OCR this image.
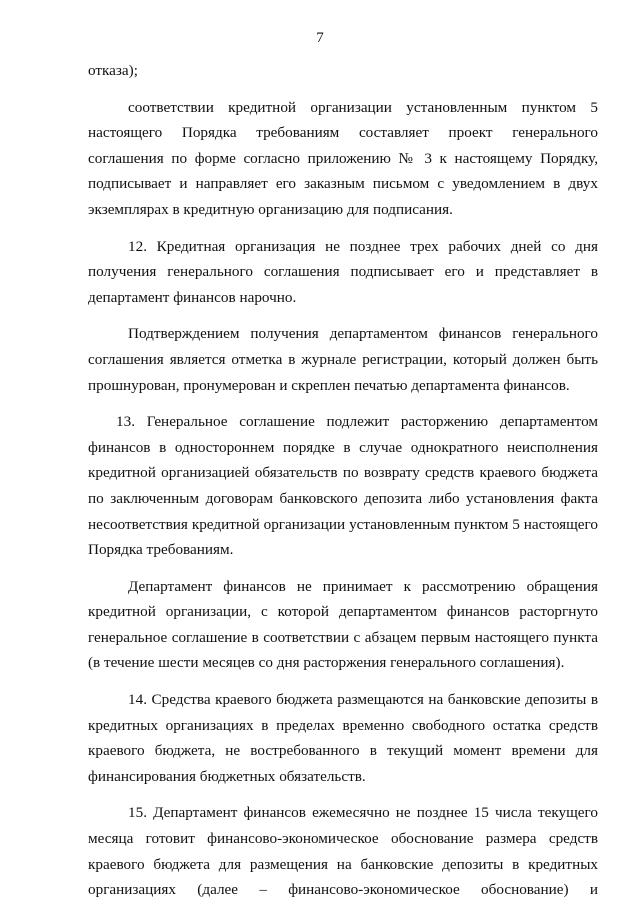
7

отказа);

соответствии кредитной организации установленным пунктом 5 настоящего Порядка требованиям составляет проект генерального соглашения по форме согласно приложению № 3 к настоящему Порядку, подписывает и направляет его заказным письмом с уведомлением в двух экземплярах в кредитную организацию для подписания.

12. Кредитная организация не позднее трех рабочих дней со дня получения генерального соглашения подписывает его и представляет в департамент финансов нарочно.

Подтверждением получения департаментом финансов генерального соглашения является отметка в журнале регистрации, который должен быть прошнурован, пронумерован и скреплен печатью департамента финансов.

13. Генеральное соглашение подлежит расторжению департаментом финансов в одностороннем порядке в случае однократного неисполнения кредитной организацией обязательств по возврату средств краевого бюджета по заключенным договорам банковского депозита либо установления факта несоответствия кредитной организации установленным пунктом 5 настоящего Порядка требованиям.

Департамент финансов не принимает к рассмотрению обращения кредитной организации, с которой департаментом финансов расторгнуто генеральное соглашение в соответствии с абзацем первым настоящего пункта (в течение шести месяцев со дня расторжения генерального соглашения).

14. Средства краевого бюджета размещаются на банковские депозиты в кредитных организациях в пределах временно свободного остатка средств краевого бюджета, не востребованного в текущий момент времени для финансирования бюджетных обязательств.

15. Департамент финансов ежемесячно не позднее 15 числа текущего месяца готовит финансово-экономическое обоснование размера средств краевого бюджета для размещения на банковские депозиты в кредитных организациях (далее – финансово-экономическое обоснование) и
